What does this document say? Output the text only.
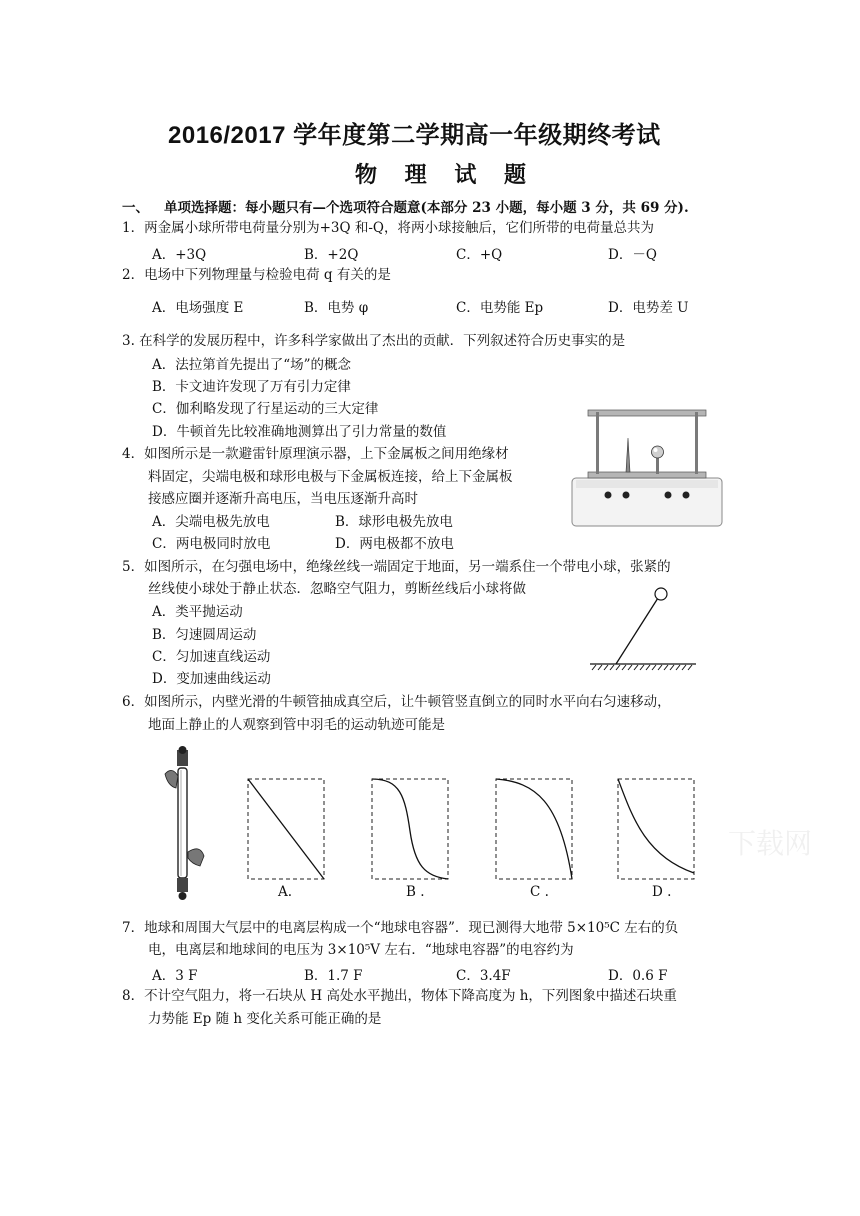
2016/2017 学年度第二学期高一年级期终考试
物 理 试 题
一、 单项选择题：每小题只有—个选项符合题意(本部分 23 小题，每小题 3 分，共 69 分).
1．两金属小球所带电荷量分别为+3Q 和-Q，将两小球接触后，它们所带的电荷量总共为
A．+3Q	B．+2Q	C．+Q	D．－Q
2．电场中下列物理量与检验电荷 q 有关的是
A．电场强度 E	B．电势 φ	C．电势能 Ep	D．电势差 U
3. 在科学的发展历程中，许多科学家做出了杰出的贡献．下列叙述符合历史事实的是
A．法拉第首先提出了“场”的概念
B．卡文迪许发现了万有引力定律
C．伽利略发现了行星运动的三大定律
D．牛顿首先比较准确地测算出了引力常量的数值
4．如图所示是一款避雷针原理演示器，上下金属板之间用绝缘材
料固定，尖端电极和球形电极与下金属板连接，给上下金属板
接感应圈并逐渐升高电压，当电压逐渐升高时
A．尖端电极先放电	B．球形电极先放电
C．两电极同时放电	D．两电极都不放电
5．如图所示，在匀强电场中，绝缘丝线一端固定于地面，另一端系住一个带电小球，张紧的
丝线使小球处于静止状态．忽略空气阻力，剪断丝线后小球将做
A．类平抛运动
B．匀速圆周运动
C．匀加速直线运动
D．变加速曲线运动
6．如图所示，内壁光滑的牛顿管抽成真空后，让牛顿管竖直倒立的同时水平向右匀速移动，
地面上静止的人观察到管中羽毛的运动轨迹可能是
A.	B .	C .	D .
下载网
7．地球和周围大气层中的电离层构成一个“地球电容器”．现已测得大地带 5×10⁵C 左右的负
电，电离层和地球间的电压为 3×10⁵V 左右．“地球电容器”的电容约为
A．3 F	B．1.7 F	C．3.4F	D．0.6 F
8．不计空气阻力，将一石块从 H 高处水平抛出，物体下降高度为 h，下列图象中描述石块重
力势能 Ep 随 h 变化关系可能正确的是
